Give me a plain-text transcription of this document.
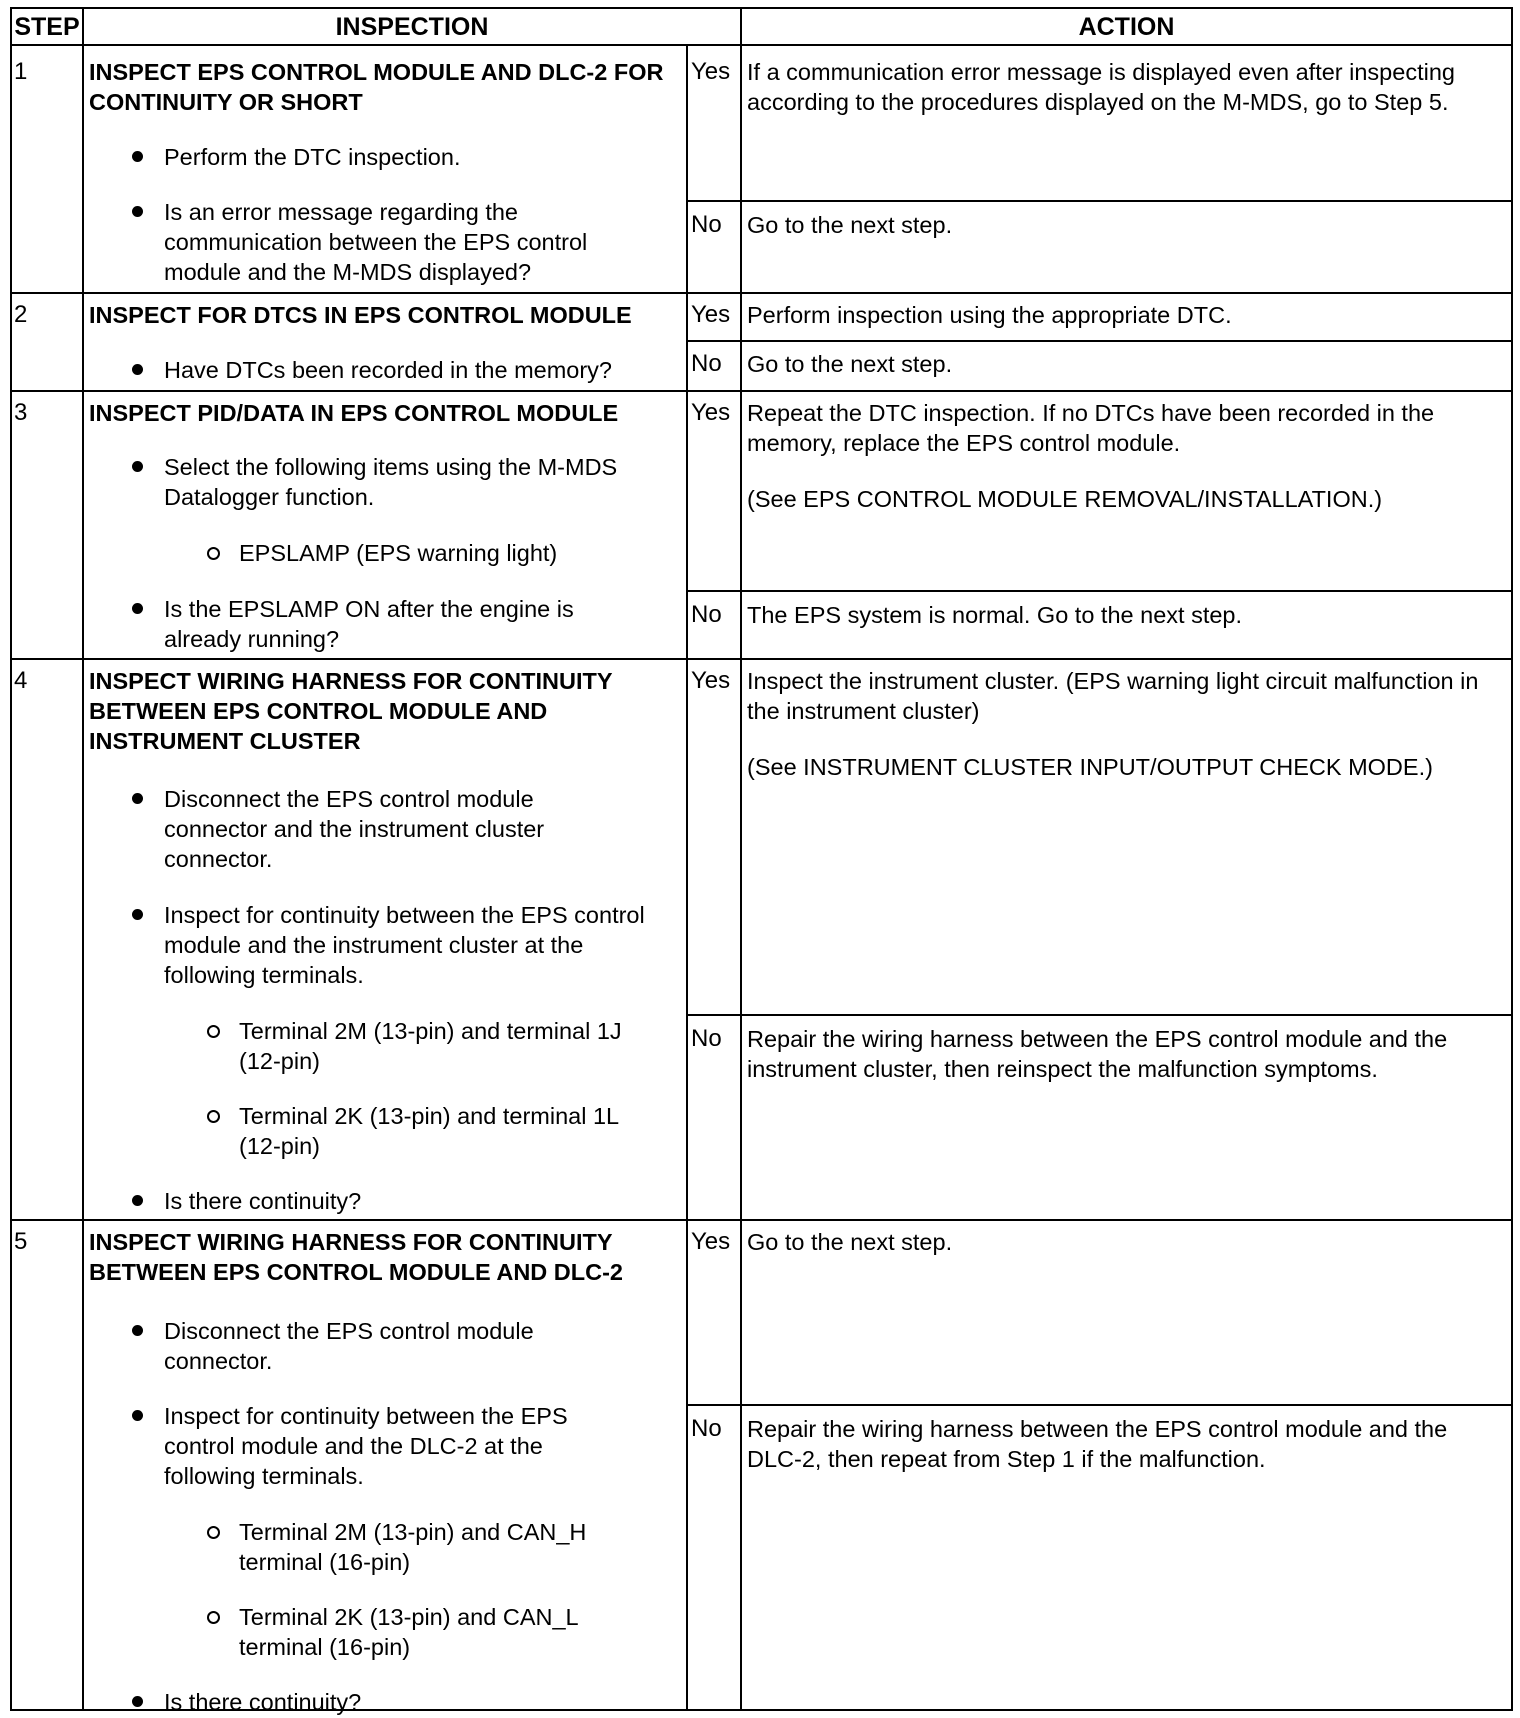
STEP	INSPECTION	ACTION
1	INSPECT EPS CONTROL MODULE AND DLC-2 FOR CONTINUITY OR SHORT
Perform the DTC inspection.
Is an error message regarding the communication between the EPS control module and the M-MDS displayed?
Yes If a communication error message is displayed even after inspecting according to the procedures displayed on the M-MDS, go to Step 5.
No Go to the next step.
2	INSPECT FOR DTCS IN EPS CONTROL MODULE
Have DTCs been recorded in the memory?
Yes Perform inspection using the appropriate DTC.
No Go to the next step.
3	INSPECT PID/DATA IN EPS CONTROL MODULE
Select the following items using the M-MDS Datalogger function.
EPSLAMP (EPS warning light)
Is the EPSLAMP ON after the engine is already running?
Yes Repeat the DTC inspection. If no DTCs have been recorded in the memory, replace the EPS control module.
(See EPS CONTROL MODULE REMOVAL/INSTALLATION.)
No The EPS system is normal. Go to the next step.
4	INSPECT WIRING HARNESS FOR CONTINUITY BETWEEN EPS CONTROL MODULE AND INSTRUMENT CLUSTER
Disconnect the EPS control module connector and the instrument cluster connector.
Inspect for continuity between the EPS control module and the instrument cluster at the following terminals.
Terminal 2M (13-pin) and terminal 1J (12-pin)
Terminal 2K (13-pin) and terminal 1L (12-pin)
Is there continuity?
Yes Inspect the instrument cluster. (EPS warning light circuit malfunction in the instrument cluster)
(See INSTRUMENT CLUSTER INPUT/OUTPUT CHECK MODE.)
No Repair the wiring harness between the EPS control module and the instrument cluster, then reinspect the malfunction symptoms.
5	INSPECT WIRING HARNESS FOR CONTINUITY BETWEEN EPS CONTROL MODULE AND DLC-2
Disconnect the EPS control module connector.
Inspect for continuity between the EPS control module and the DLC-2 at the following terminals.
Terminal 2M (13-pin) and CAN_H terminal (16-pin)
Terminal 2K (13-pin) and CAN_L terminal (16-pin)
Is there continuity?
Yes Go to the next step.
No Repair the wiring harness between the EPS control module and the DLC-2, then repeat from Step 1 if the malfunction.
